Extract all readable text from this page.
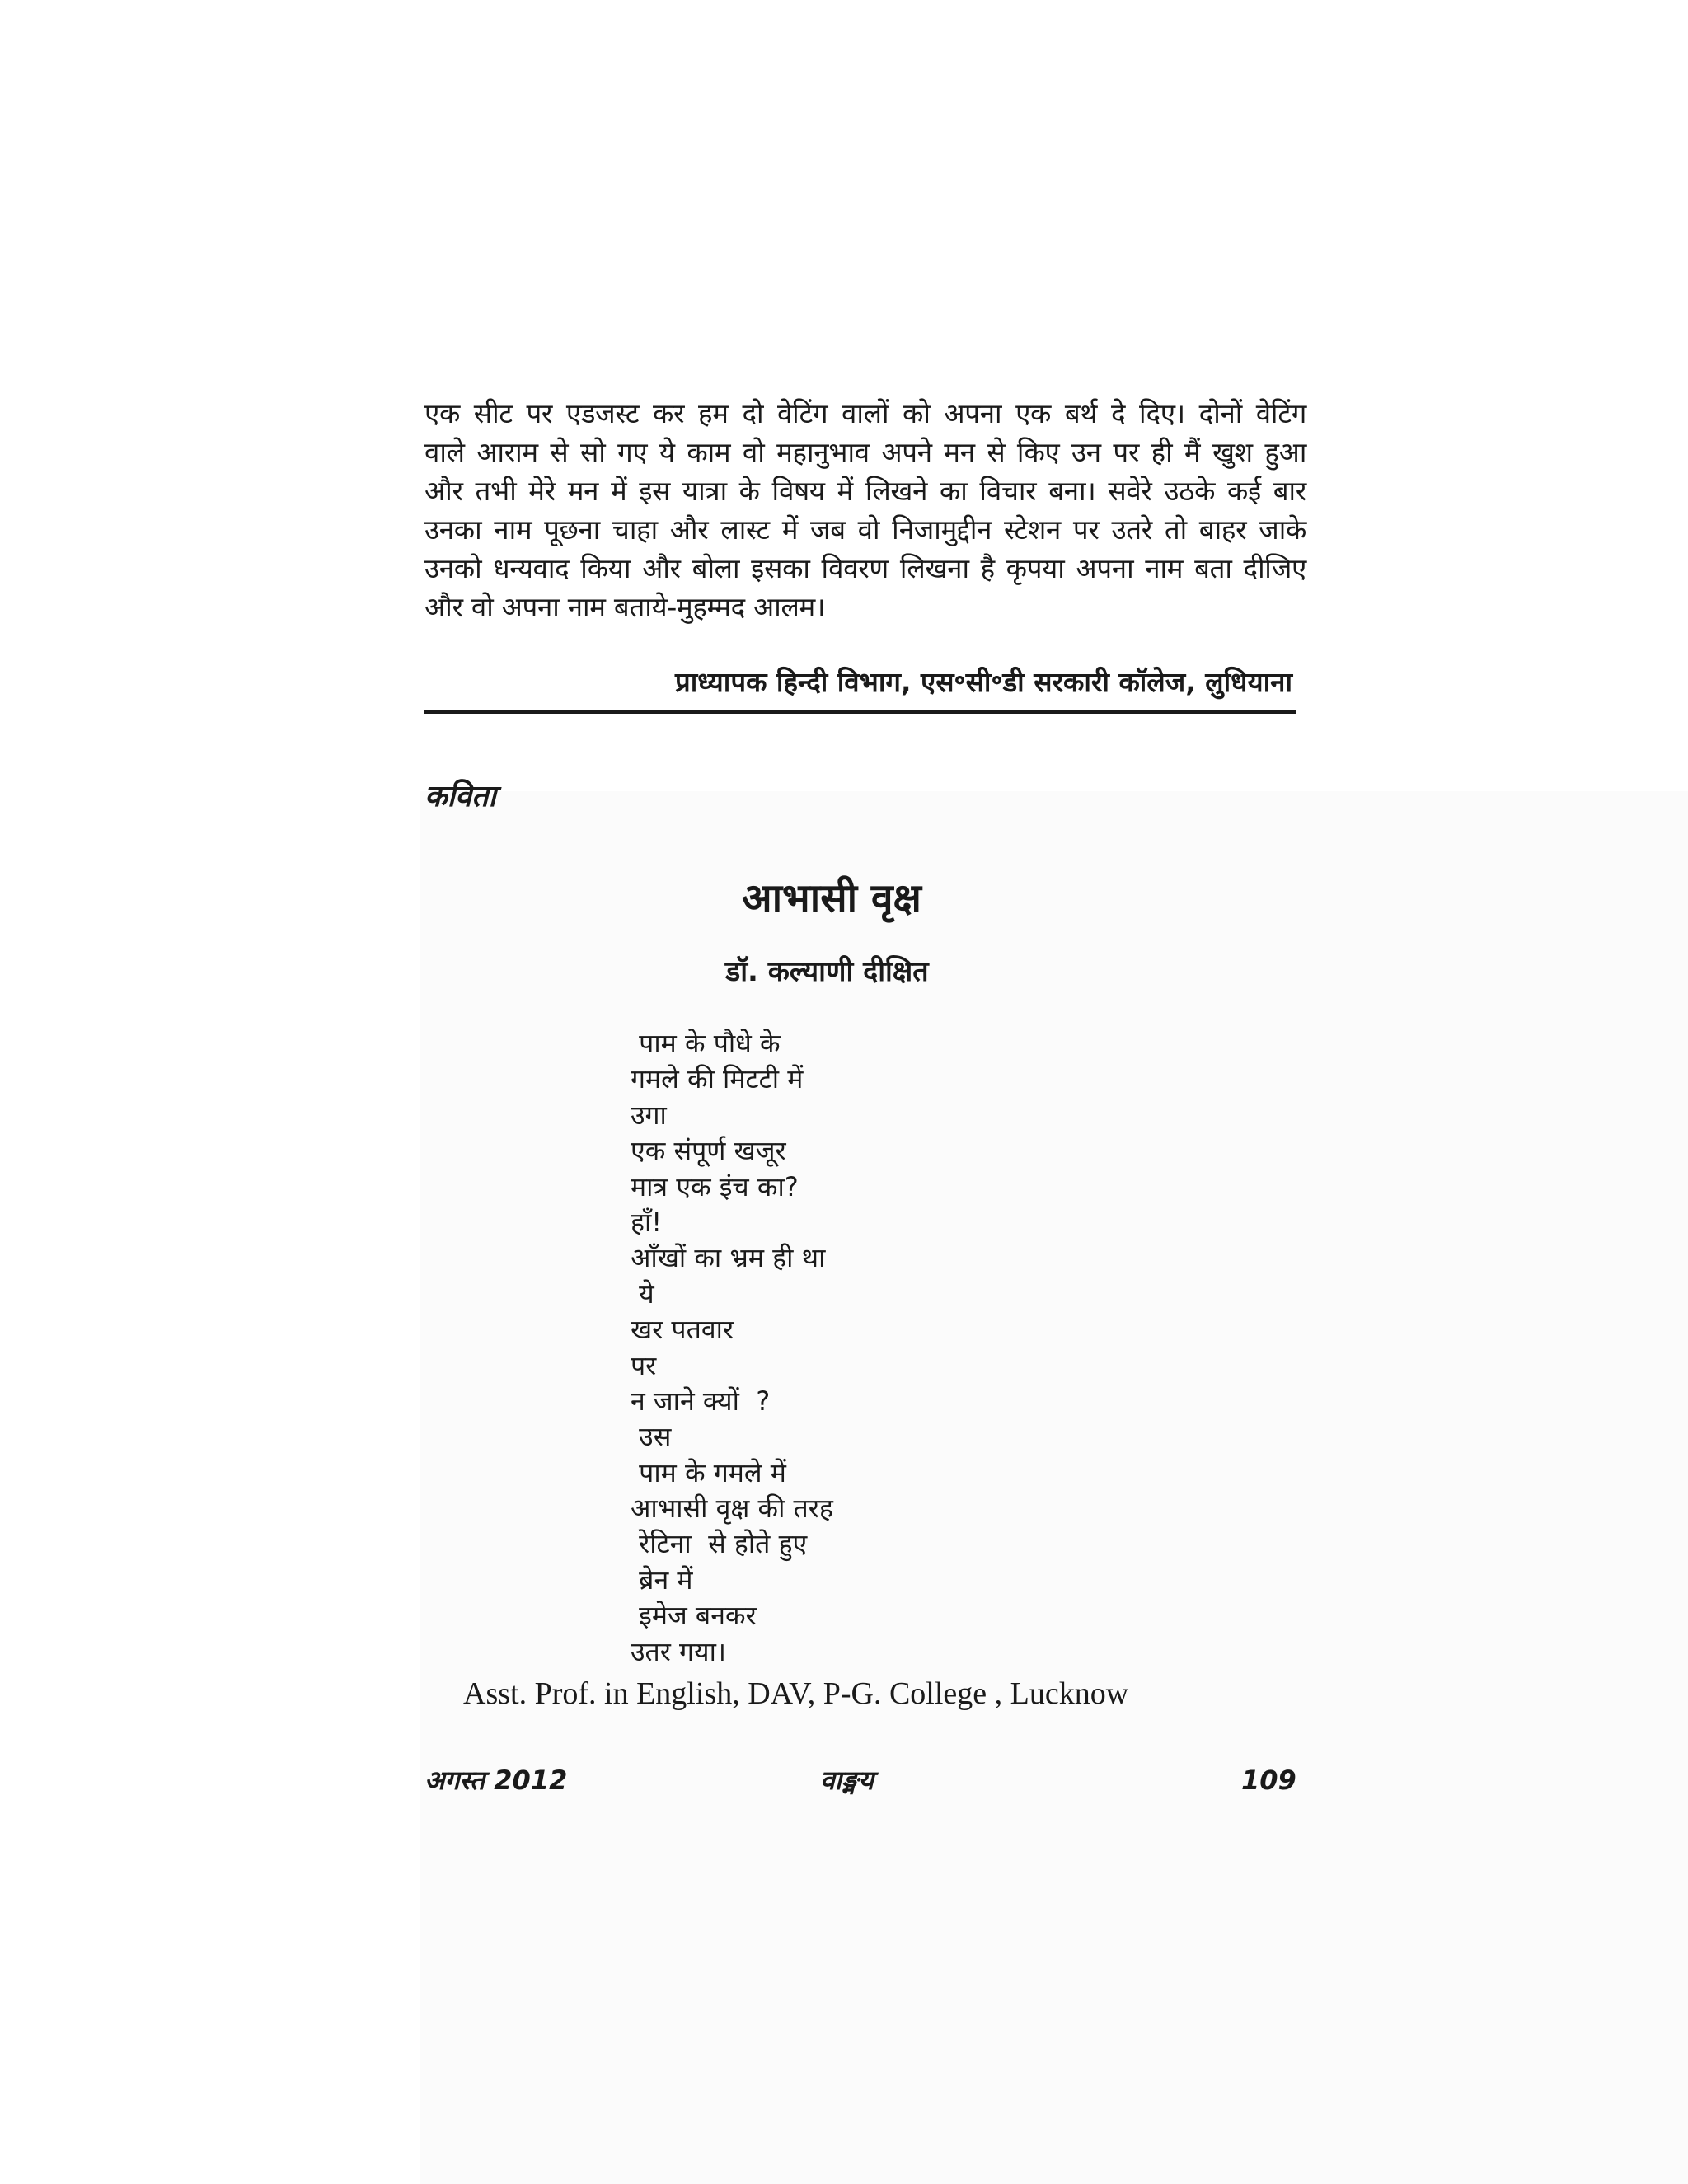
एक सीट पर एडजस्ट कर हम दो वेटिंग वालों को अपना एक बर्थ दे दिए। दोनों वेटिंग
वाले आराम से सो गए ये काम वो महानुभाव अपने मन से किए उन पर ही मैं खुश हुआ
और तभी मेरे मन में इस यात्रा के विषय में लिखने का विचार बना। सवेरे उठके कई बार
उनका नाम पूछना चाहा और लास्ट में जब वो निजामुद्दीन स्टेशन पर उतरे तो बाहर जाके
उनको धन्यवाद किया और बोला इसका विवरण लिखना है कृपया अपना नाम बता दीजिए
और वो अपना नाम बताये-मुहम्मद आलम।
प्राध्यापक हिन्दी विभाग, एस॰सी॰डी सरकारी कॉलेज, लुधियाना
कविता
आभासी वृक्ष
डॉ. कल्याणी दीक्षित
पाम के पौधे के
गमले की मिटटी में
उगा
एक संपूर्ण खजूर
मात्र एक इंच का?
हाँ!
आँखों का भ्रम ही था
ये
खर पतवार
पर
न जाने क्यों  ?
उस
पाम के गमले में
आभासी वृक्ष की तरह
रेटिना  से होते हुए
ब्रेन में
इमेज बनकर
उतर गया।
Asst. Prof. in English, DAV, P-G. College , Lucknow
अगस्त 2012	वाङ्मय	109
